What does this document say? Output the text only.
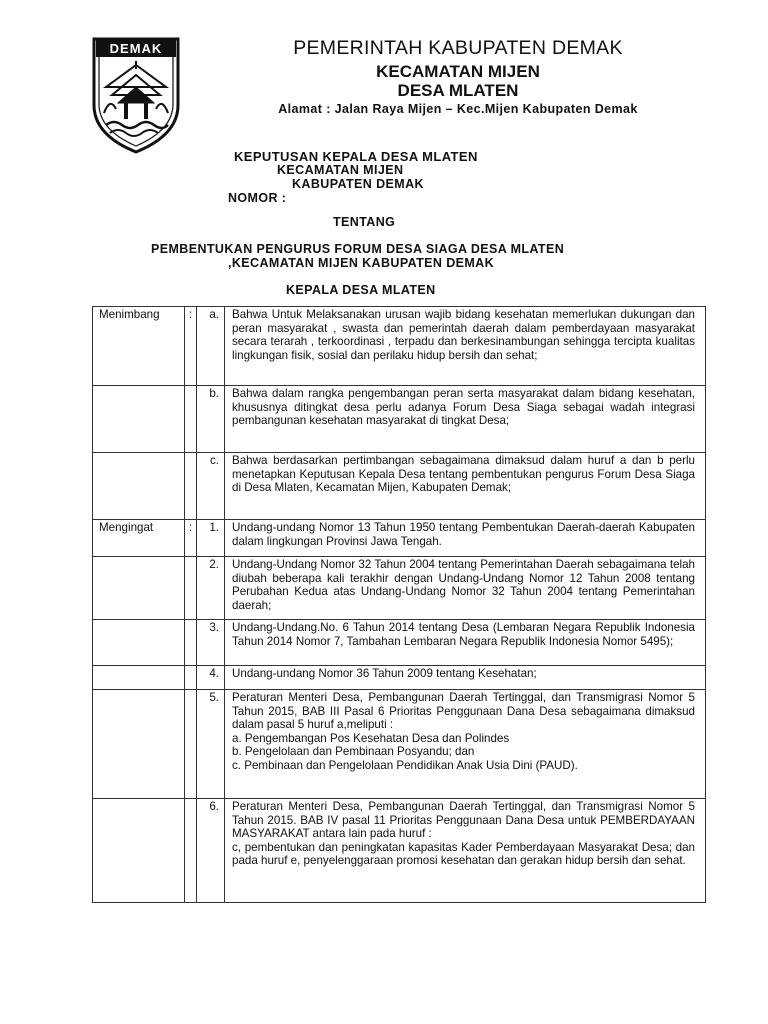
DEMAK	PEMERINTAH KABUPATEN DEMAK
KECAMATAN MIJEN
DESA MLATEN
Alamat : Jalan Raya Mijen – Kec.Mijen Kabupaten Demak
KEPUTUSAN KEPALA DESA MLATEN
KECAMATAN MIJEN
KABUPATEN DEMAK
NOMOR :
TENTANG
PEMBENTUKAN PENGURUS FORUM DESA SIAGA DESA MLATEN
,KECAMATAN MIJEN KABUPATEN DEMAK
KEPALA DESA MLATEN
Menimbang	:	a.	Bahwa Untuk Melaksanakan urusan wajib bidang kesehatan memerlukan dukungan dan peran masyarakat , swasta dan pemerintah daerah dalam pemberdayaan masyarakat secara terarah , terkoordinasi , terpadu dan berkesinambungan sehingga tercipta kualitas lingkungan fisik, sosial dan perilaku hidup bersih dan sehat;

		b.	Bahwa dalam rangka pengembangan peran serta masyarakat dalam bidang kesehatan, khususnya ditingkat desa perlu adanya Forum Desa Siaga sebagai wadah integrasi pembangunan kesehatan masyarakat di tingkat Desa;

		c.	Bahwa berdasarkan pertimbangan sebagaimana dimaksud dalam huruf a dan b perlu menetapkan Keputusan Kepala Desa tentang pembentukan pengurus Forum Desa Siaga di Desa Mlaten, Kecamatan Mijen, Kabupaten Demak;

Mengingat	:	1.	Undang-undang Nomor 13 Tahun 1950 tentang Pembentukan Daerah-daerah Kabupaten dalam lingkungan Provinsi Jawa Tengah.

		2.	Undang-Undang Nomor 32 Tahun 2004 tentang Pemerintahan Daerah sebagaimana telah diubah beberapa kali terakhir dengan Undang-Undang Nomor 12 Tahun 2008 tentang Perubahan Kedua atas Undang-Undang Nomor 32 Tahun 2004 tentang Pemerintahan daerah;

		3.	Undang-Undang.No. 6 Tahun 2014 tentang Desa (Lembaran Negara Republik Indonesia Tahun 2014 Nomor 7, Tambahan Lembaran Negara Republik Indonesia Nomor 5495);

		4.	Undang-undang Nomor 36 Tahun 2009 tentang Kesehatan;

		5.	Peraturan Menteri Desa, Pembangunan Daerah Tertinggal, dan Transmigrasi Nomor 5 Tahun 2015, BAB III Pasal 6 Prioritas Penggunaan Dana Desa sebagaimana dimaksud dalam pasal 5 huruf a,meliputi :
a. Pengembangan Pos Kesehatan Desa dan Polindes
b. Pengelolaan dan Pembinaan Posyandu; dan
c. Pembinaan dan Pengelolaan Pendidikan Anak Usia Dini (PAUD).

		6.	Peraturan Menteri Desa, Pembangunan Daerah Tertinggal, dan Transmigrasi Nomor 5 Tahun 2015. BAB IV pasal 11 Prioritas Penggunaan Dana Desa untuk PEMBERDAYAAN MASYARAKAT antara lain pada huruf :
c, pembentukan dan peningkatan kapasitas Kader Pemberdayaan Masyarakat Desa; dan pada huruf e, penyelenggaraan promosi kesehatan dan gerakan hidup bersih dan sehat.
